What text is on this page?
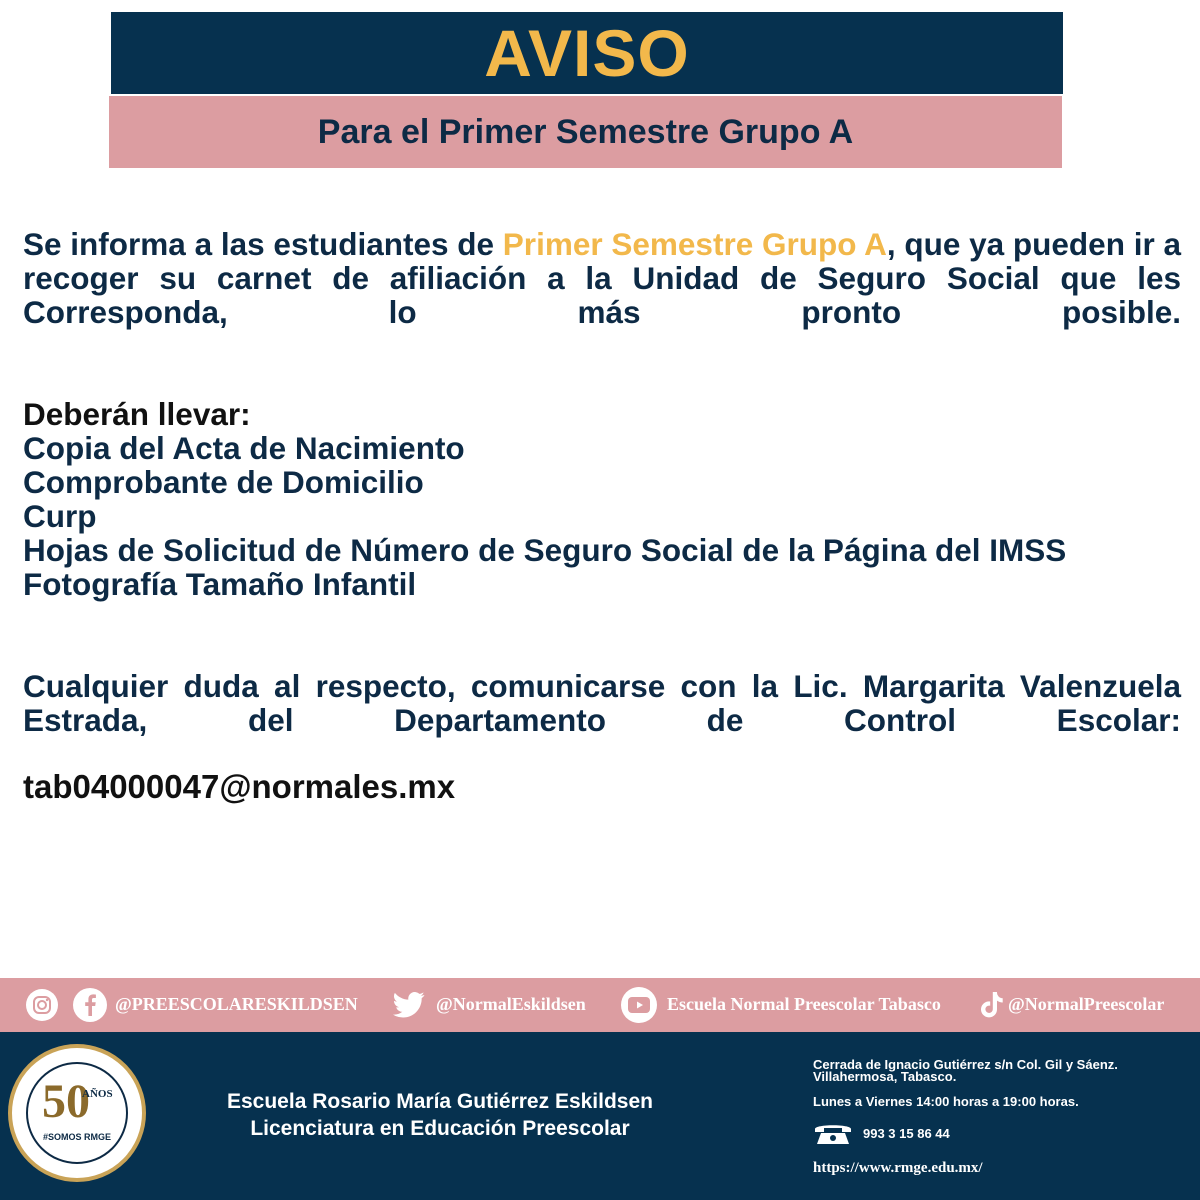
AVISO
Para el Primer Semestre Grupo A
Se informa a las estudiantes de Primer Semestre Grupo A, que ya pueden ir a recoger su carnet de afiliación a la Unidad de Seguro Social que les Corresponda, lo más pronto posible.
Deberán llevar:
Copia del Acta de Nacimiento
Comprobante de Domicilio
Curp
Hojas de Solicitud de Número de Seguro Social de la Página del IMSS
Fotografía Tamaño Infantil
Cualquier duda al respecto, comunicarse con la Lic. Margarita Valenzuela Estrada, del Departamento de Control Escolar:
tab04000047@normales.mx
@PREESCOLARESKILDSEN	@NormalEskildsen	Escuela Normal Preescolar Tabasco	@NormalPreescolar
50
AÑOS
#SOMOS RMGE
Escuela Rosario María Gutiérrez Eskildsen
Licenciatura en Educación Preescolar
Cerrada de Ignacio Gutiérrez s/n Col. Gil y Sáenz.
Villahermosa, Tabasco.
Lunes a Viernes 14:00 horas a 19:00 horas.
993 3 15 86 44
https://www.rmge.edu.mx/
